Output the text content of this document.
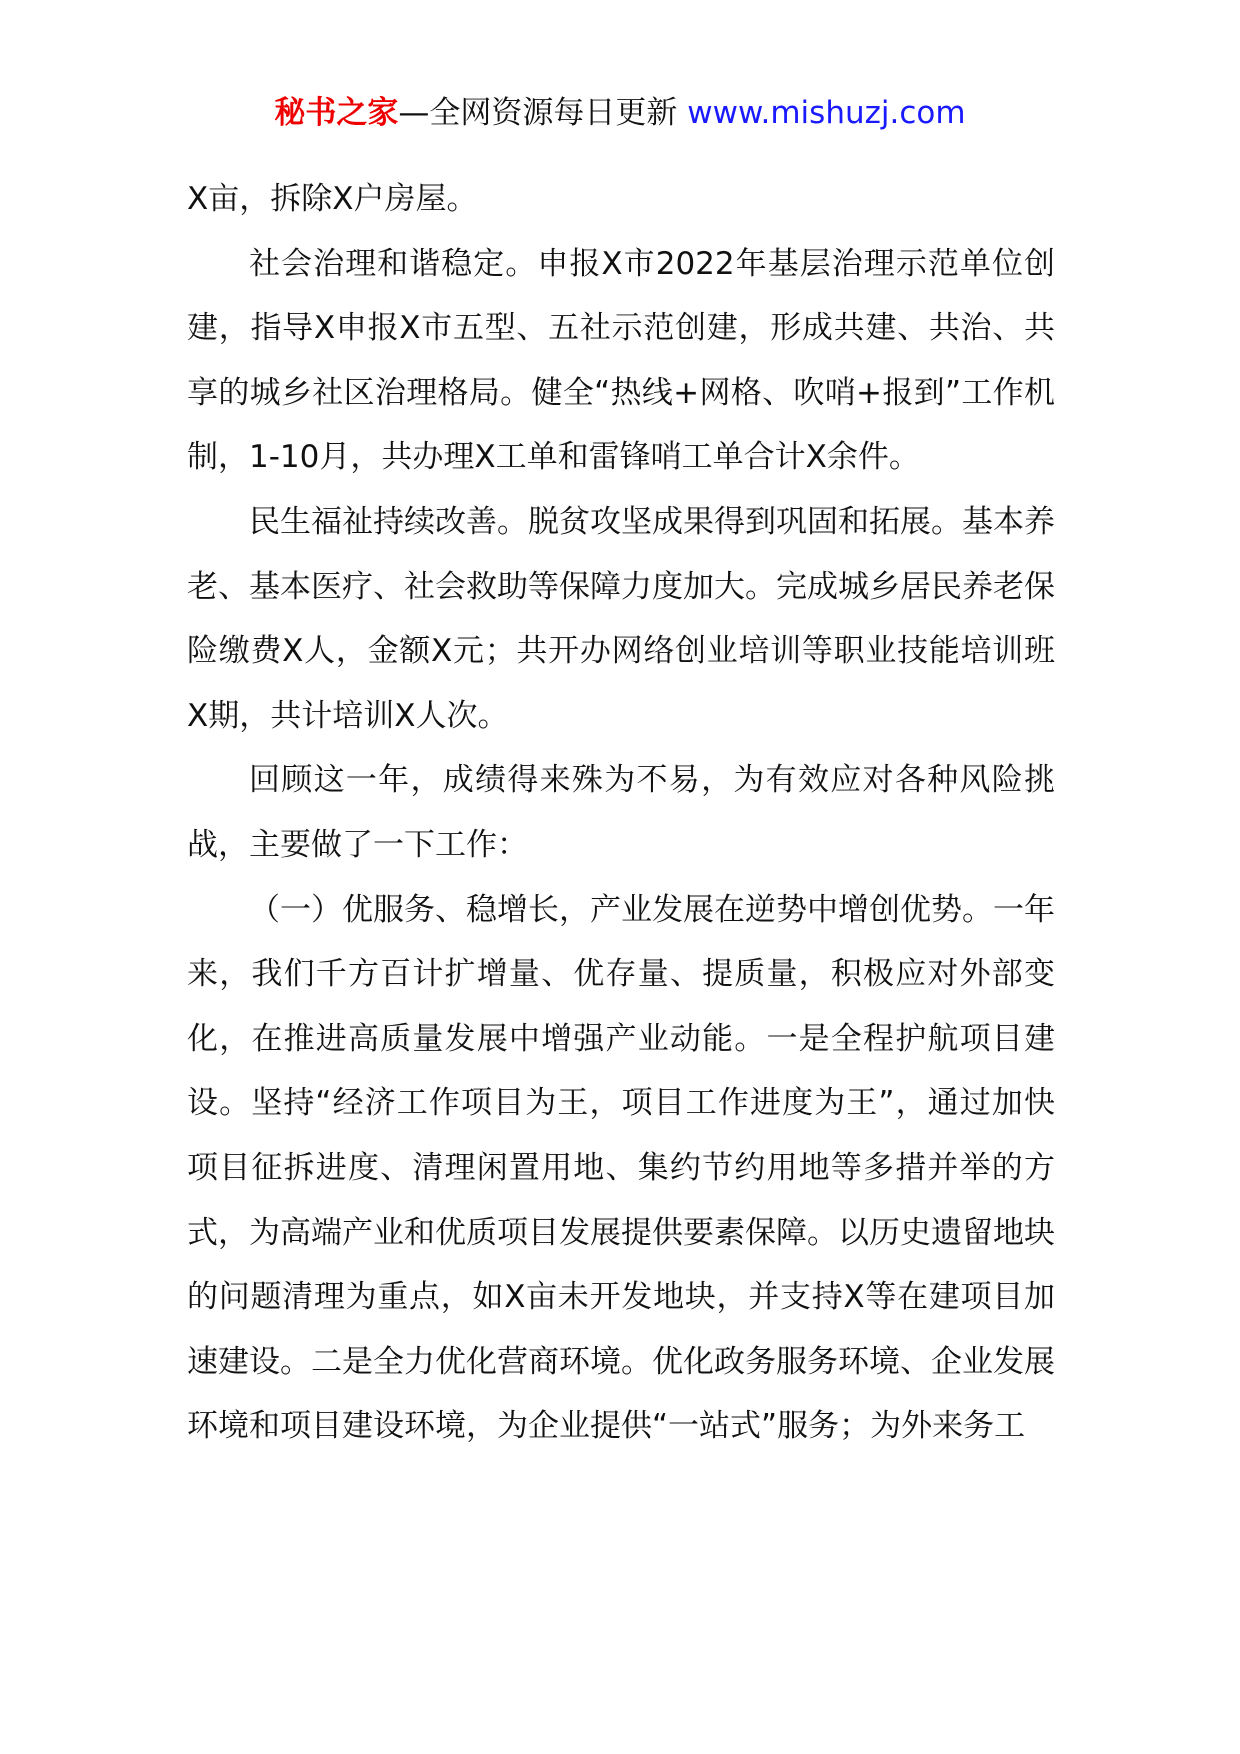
秘书之家—全网资源每日更新 www.mishuzj.com

X亩，拆除X户房屋。

社会治理和谐稳定。申报X市2022年基层治理示范单位创建，指导X申报X市五型、五社示范创建，形成共建、共治、共享的城乡社区治理格局。健全“热线+网格、吹哨+报到”工作机制，1-10月，共办理X工单和雷锋哨工单合计X余件。

民生福祉持续改善。脱贫攻坚成果得到巩固和拓展。基本养老、基本医疗、社会救助等保障力度加大。完成城乡居民养老保险缴费X人，金额X元；共开办网络创业培训等职业技能培训班X期，共计培训X人次。

回顾这一年，成绩得来殊为不易，为有效应对各种风险挑战，主要做了一下工作：

（一）优服务、稳增长，产业发展在逆势中增创优势。一年来，我们千方百计扩增量、优存量、提质量，积极应对外部变化，在推进高质量发展中增强产业动能。一是全程护航项目建设。坚持“经济工作项目为王，项目工作进度为王”，通过加快项目征拆进度、清理闲置用地、集约节约用地等多措并举的方式，为高端产业和优质项目发展提供要素保障。以历史遗留地块的问题清理为重点，如X亩未开发地块，并支持X等在建项目加速建设。二是全力优化营商环境。优化政务服务环境、企业发展环境和项目建设环境，为企业提供“一站式”服务；为外来务工
